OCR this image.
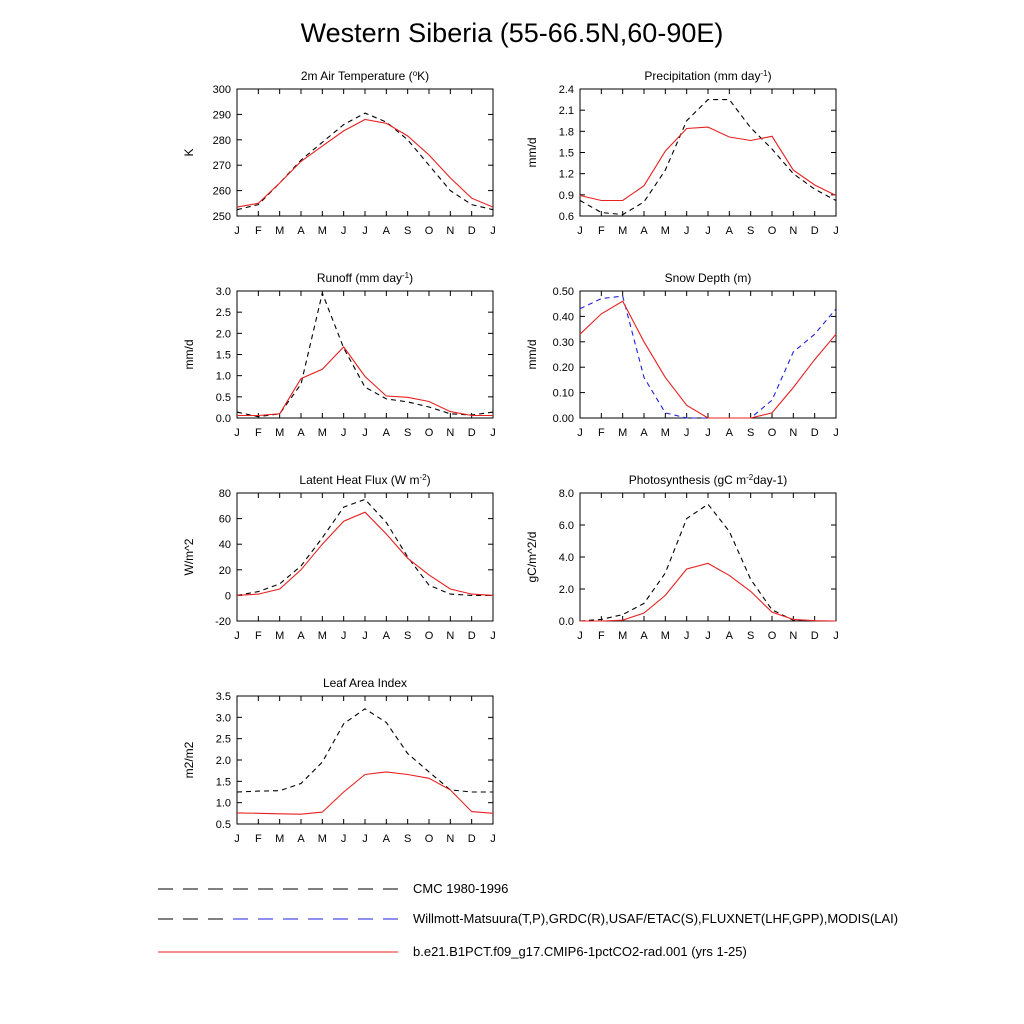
Western Siberia (55-66.5N,60-90E)
J F M A M J J A S O N D J
250
260
270
280
290
300
2m Air Temperature ($^o$K)
K
J F M A M J J A S O N D J
0.6
0.9
1.2
1.5
1.8
2.1
2.4
Precipitation (mm day$^{-1}$)
mm/d
J F M A M J J A S O N D J
0.0
0.5
1.0
1.5
2.0
2.5
3.0
Runoff (mm day$^{-1}$)
mm/d
J F M A M J J A S O N D J
0.00
0.10
0.20
0.30
0.40
0.50
Snow Depth (m)
mm/d
J F M A M J J A S O N D J
-20
0
20
40
60
80
Latent Heat Flux (W $m^{-2}$)
W/m^2
J F M A M J J A S O N D J
0.0
2.0
4.0
6.0
8.0
Photosynthesis (gC $m^{-2}day-1$)
gC/m^2/d
J F M A M J J A S O N D J
0.5
1.0
1.5
2.0
2.5
3.0
3.5
Leaf Area Index
m2/m2
CMC 1980-1996
Willmott-Matsuura(T,P),GRDC(R),USAF/ETAC(S),FLUXNET(LHF,GPP),MODIS(LAI)
b.e21.B1PCT.f09_g17.CMIP6-1pctCO2-rad.001 (yrs 1-25)
